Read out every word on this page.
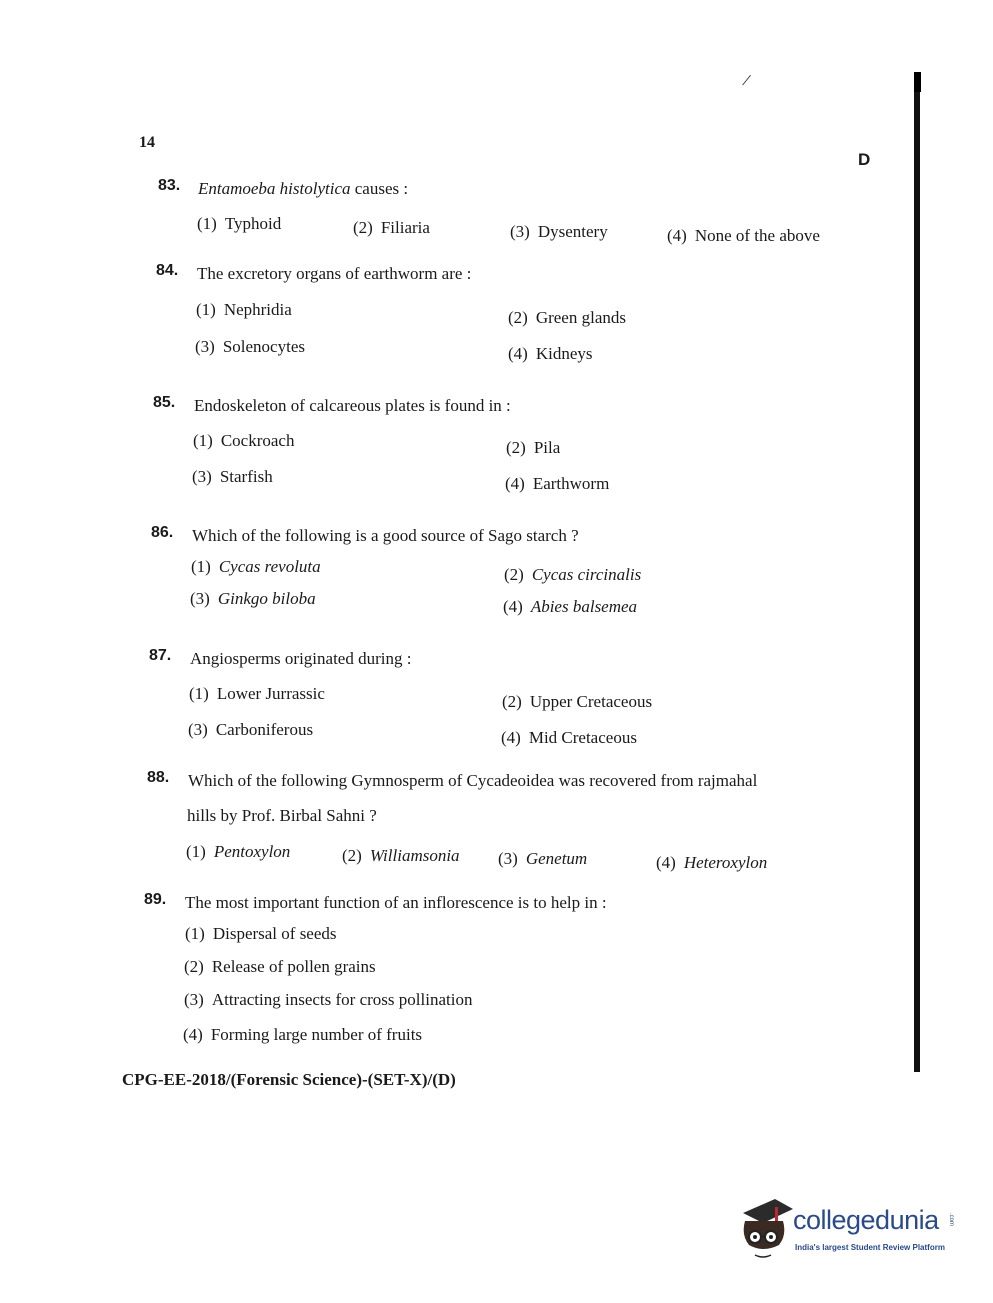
/
14
D
83. Entamoeba histolytica causes :
(1) Typhoid	(2) Filiaria	(3) Dysentery	(4) None of the above
84. The excretory organs of earthworm are :
(1) Nephridia	(2) Green glands
(3) Solenocytes	(4) Kidneys
85. Endoskeleton of calcareous plates is found in :
(1) Cockroach	(2) Pila
(3) Starfish	(4) Earthworm
86. Which of the following is a good source of Sago starch ?
(1) Cycas revoluta	(2) Cycas circinalis
(3) Ginkgo biloba	(4) Abies balsemea
87. Angiosperms originated during :
(1) Lower Jurrassic	(2) Upper Cretaceous
(3) Carboniferous	(4) Mid Cretaceous
88. Which of the following Gymnosperm of Cycadeoidea was recovered from rajmahal
hills by Prof. Birbal Sahni ?
(1) Pentoxylon	(2) Williamsonia (3) Genetum	(4) Heteroxylon
89. The most important function of an inflorescence is to help in :
(1) Dispersal of seeds
(2) Release of pollen grains
(3) Attracting insects for cross pollination
(4) Forming large number of fruits
CPG-EE-2018/(Forensic Science)-(SET-X)/(D)
collegedunia .com
India's largest Student Review Platform
